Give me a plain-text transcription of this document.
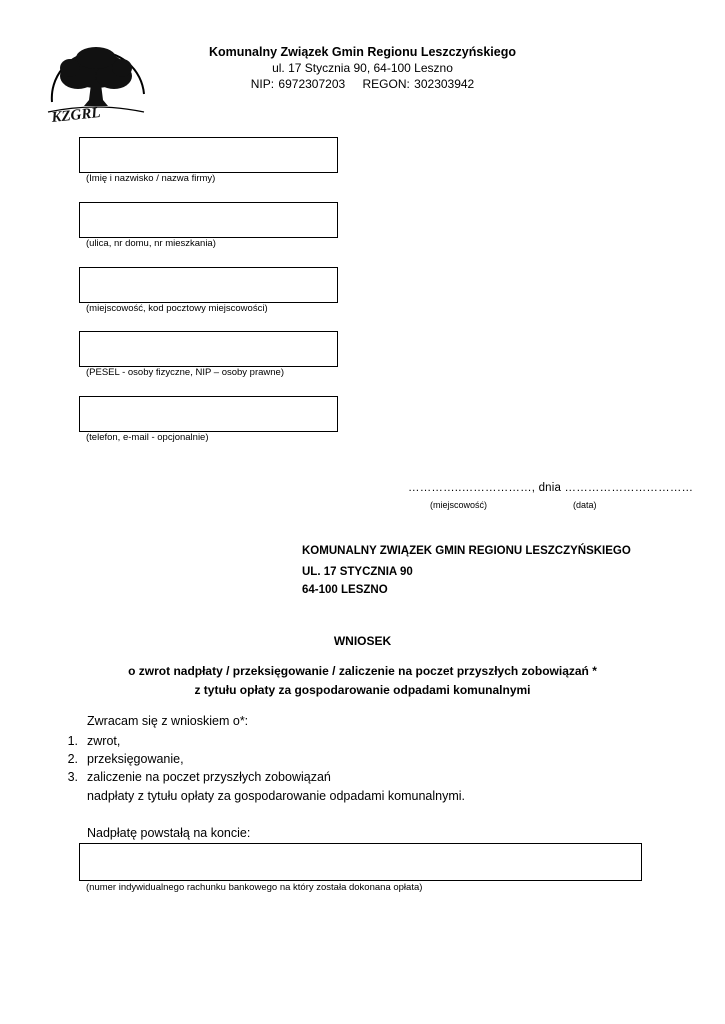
KZGRL
Komunalny Związek Gmin Regionu Leszczyńskiego
ul. 17 Stycznia 90, 64-100 Leszno
NIP: 6972307203    REGON: 302303942
(Imię i nazwisko / nazwa firmy)
(ulica, nr domu, nr mieszkania)
(miejscowość, kod pocztowy miejscowości)
(PESEL - osoby fizyczne, NIP – osoby prawne)
(telefon, e-mail - opcjonalnie)
…………..………………, dnia ……………………………
(miejscowość)	(data)
KOMUNALNY ZWIĄZEK GMIN REGIONU LESZCZYŃSKIEGO
UL. 17 STYCZNIA 90
64-100 LESZNO
WNIOSEK
o zwrot nadpłaty / przeksięgowanie / zaliczenie na poczet przyszłych zobowiązań *
z tytułu opłaty za gospodarowanie odpadami komunalnymi
Zwracam się z wnioskiem o*:
1. zwrot,
2. przeksięgowanie,
3. zaliczenie na poczet przyszłych zobowiązań
nadpłaty z tytułu opłaty za gospodarowanie odpadami komunalnymi.
Nadpłatę powstałą na koncie:
(numer indywidualnego rachunku bankowego na który została dokonana opłata)
